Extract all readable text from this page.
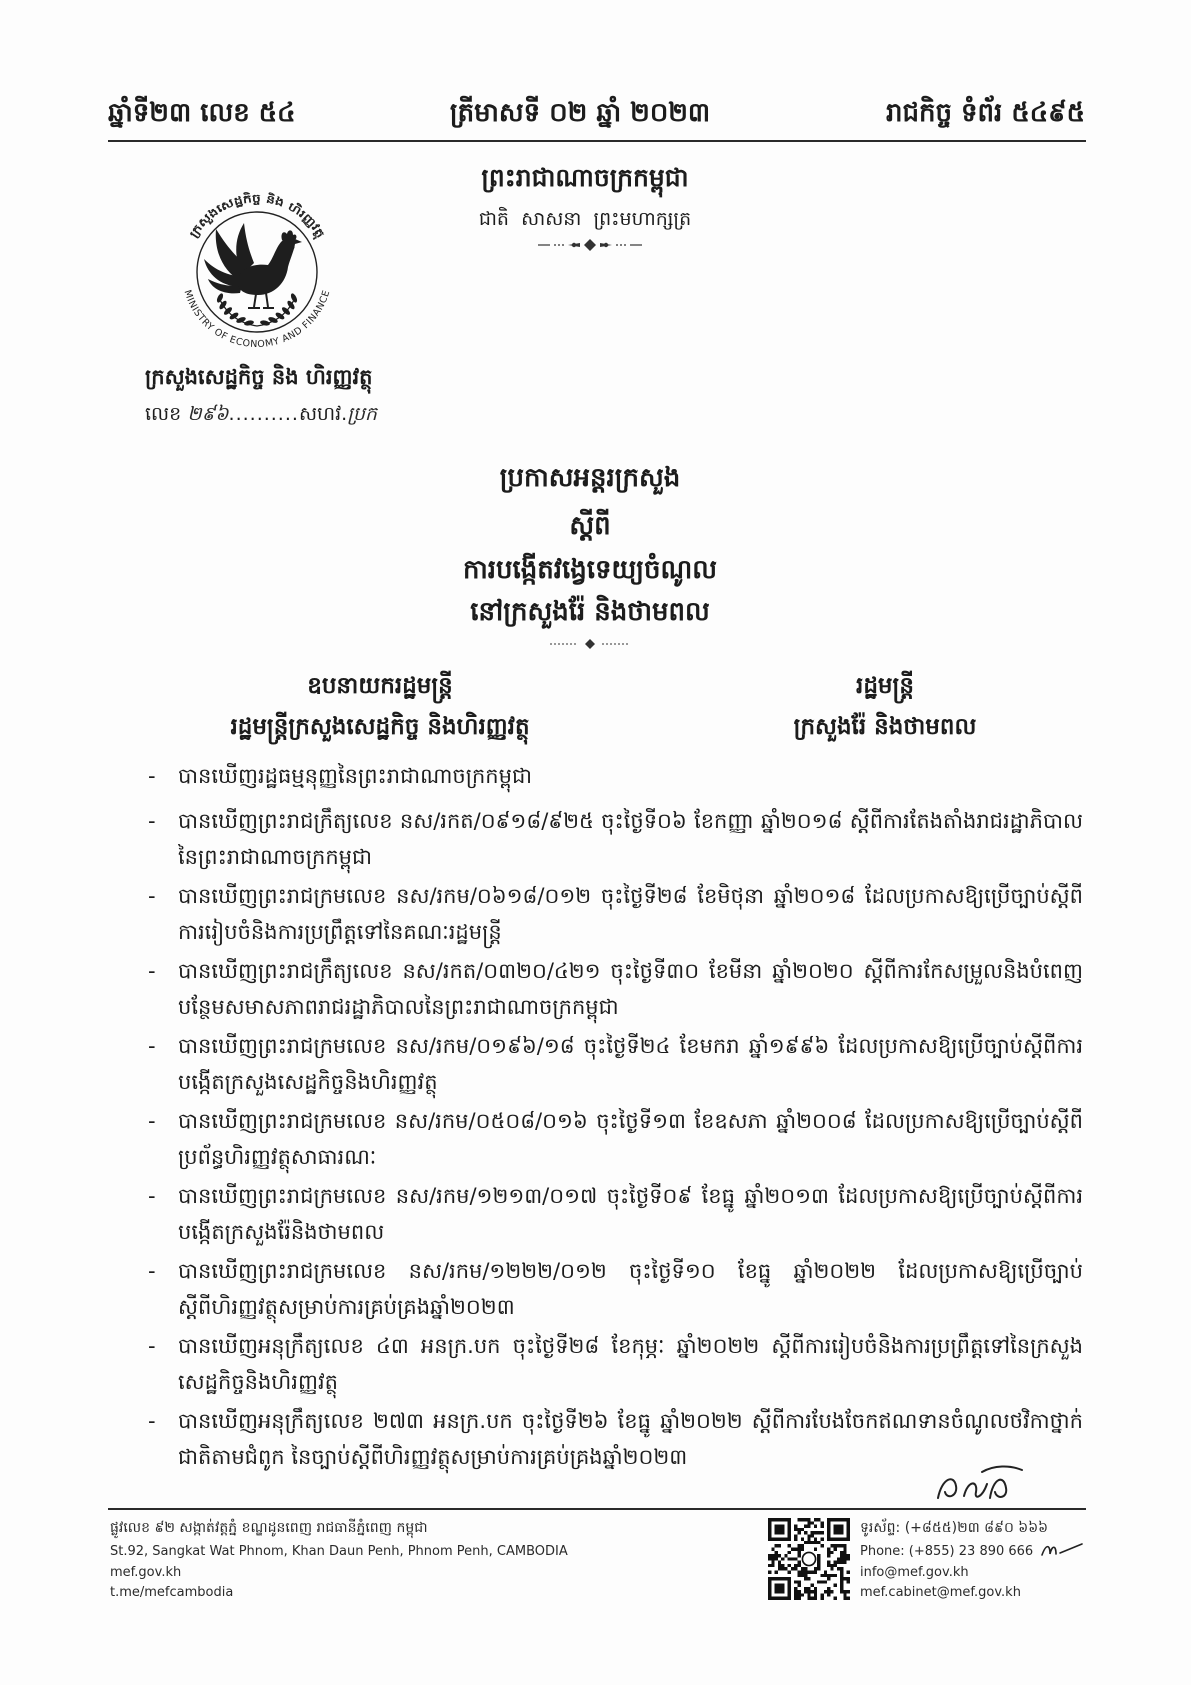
ឆ្នាំទី២៣ លេខ ៥៤	ត្រីមាសទី ០២ ឆ្នាំ ២០២៣	រាជកិច្ច ទំព័រ ៥៤៩៥
ព្រះរាជាណាចក្រកម្ពុជា
ជាតិ  សាសនា  ព្រះមហាក្សត្រ
ក្រសួងសេដ្ឋកិច្ច និង ហិរញ្ញវត្ថុ
MINISTRY OF ECONOMY AND FINANCE
ក្រសួងសេដ្ឋកិច្ច និង ហិរញ្ញវត្ថុ
លេខ ២៩៦..........សហវ.ប្រក
ប្រកាសអន្តរក្រសួង
ស្តីពី
ការបង្កើតវង្វេទេយ្យចំណូល
នៅក្រសួងរ៉ែ និងថាមពល
ឧបនាយករដ្ឋមន្ត្រី
រដ្ឋមន្ត្រីក្រសួងសេដ្ឋកិច្ច និងហិរញ្ញវត្ថុ
រដ្ឋមន្ត្រី
ក្រសួងរ៉ែ និងថាមពល
-	បានឃើញរដ្ឋធម្មនុញ្ញនៃព្រះរាជាណាចក្រកម្ពុជា
-	បានឃើញព្រះរាជក្រឹត្យលេខ នស/រកត/០៩១៨/៩២៥ ចុះថ្ងៃទី០៦ ខែកញ្ញា ឆ្នាំ២០១៨ ស្តីពីការតែងតាំងរាជរដ្ឋាភិបាលនៃព្រះរាជាណាចក្រកម្ពុជា
-	បានឃើញព្រះរាជក្រមលេខ នស/រកម/០៦១៨/០១២ ចុះថ្ងៃទី២៨ ខែមិថុនា ឆ្នាំ២០១៨ ដែលប្រកាសឱ្យប្រើច្បាប់ស្តីពីការរៀបចំនិងការប្រព្រឹត្តទៅនៃគណៈរដ្ឋមន្ត្រី
-	បានឃើញព្រះរាជក្រឹត្យលេខ នស/រកត/០៣២០/៤២១ ចុះថ្ងៃទី៣០ ខែមីនា ឆ្នាំ២០២០ ស្តីពីការកែសម្រួលនិងបំពេញបន្ថែមសមាសភាពរាជរដ្ឋាភិបាលនៃព្រះរាជាណាចក្រកម្ពុជា
-	បានឃើញព្រះរាជក្រមលេខ នស/រកម/០១៩៦/១៨ ចុះថ្ងៃទី២៤ ខែមករា ឆ្នាំ១៩៩៦ ដែលប្រកាសឱ្យប្រើច្បាប់ស្តីពីការបង្កើតក្រសួងសេដ្ឋកិច្ចនិងហិរញ្ញវត្ថុ
-	បានឃើញព្រះរាជក្រមលេខ នស/រកម/០៥០៨/០១៦ ចុះថ្ងៃទី១៣ ខែឧសភា ឆ្នាំ២០០៨ ដែលប្រកាសឱ្យប្រើច្បាប់ស្តីពីប្រព័ន្ធហិរញ្ញវត្ថុសាធារណៈ
-	បានឃើញព្រះរាជក្រមលេខ នស/រកម/១២១៣/០១៧ ចុះថ្ងៃទី០៩ ខែធ្នូ ឆ្នាំ២០១៣ ដែលប្រកាសឱ្យប្រើច្បាប់ស្តីពីការបង្កើតក្រសួងរ៉ែនិងថាមពល
-	បានឃើញព្រះរាជក្រមលេខ នស/រកម/១២២២/០១២ ចុះថ្ងៃទី១០ ខែធ្នូ ឆ្នាំ២០២២ ដែលប្រកាសឱ្យប្រើច្បាប់ស្តីពីហិរញ្ញវត្ថុសម្រាប់ការគ្រប់គ្រងឆ្នាំ២០២៣
-	បានឃើញអនុក្រឹត្យលេខ ៤៣ អនក្រ.បក ចុះថ្ងៃទី២៨ ខែកុម្ភៈ ឆ្នាំ២០២២ ស្តីពីការរៀបចំនិងការប្រព្រឹត្តទៅនៃក្រសួងសេដ្ឋកិច្ចនិងហិរញ្ញវត្ថុ
-	បានឃើញអនុក្រឹត្យលេខ ២៧៣ អនក្រ.បក ចុះថ្ងៃទី២៦ ខែធ្នូ ឆ្នាំ២០២២ ស្តីពីការបែងចែកឥណទានចំណូលថវិកាថ្នាក់ជាតិតាមជំពូក នៃច្បាប់ស្តីពីហិរញ្ញវត្ថុសម្រាប់ការគ្រប់គ្រងឆ្នាំ២០២៣
ផ្លូវលេខ ៩២ សង្កាត់វត្តភ្នំ ខណ្ឌដូនពេញ រាជធានីភ្នំពេញ កម្ពុជា
St.92, Sangkat Wat Phnom, Khan Daun Penh, Phnom Penh, CAMBODIA
mef.gov.kh
t.me/mefcambodia
ទូរស័ព្ទ: (+៨៥៥)២៣ ៨៩០ ៦៦៦
Phone: (+855) 23 890 666
info@mef.gov.kh
mef.cabinet@mef.gov.kh
